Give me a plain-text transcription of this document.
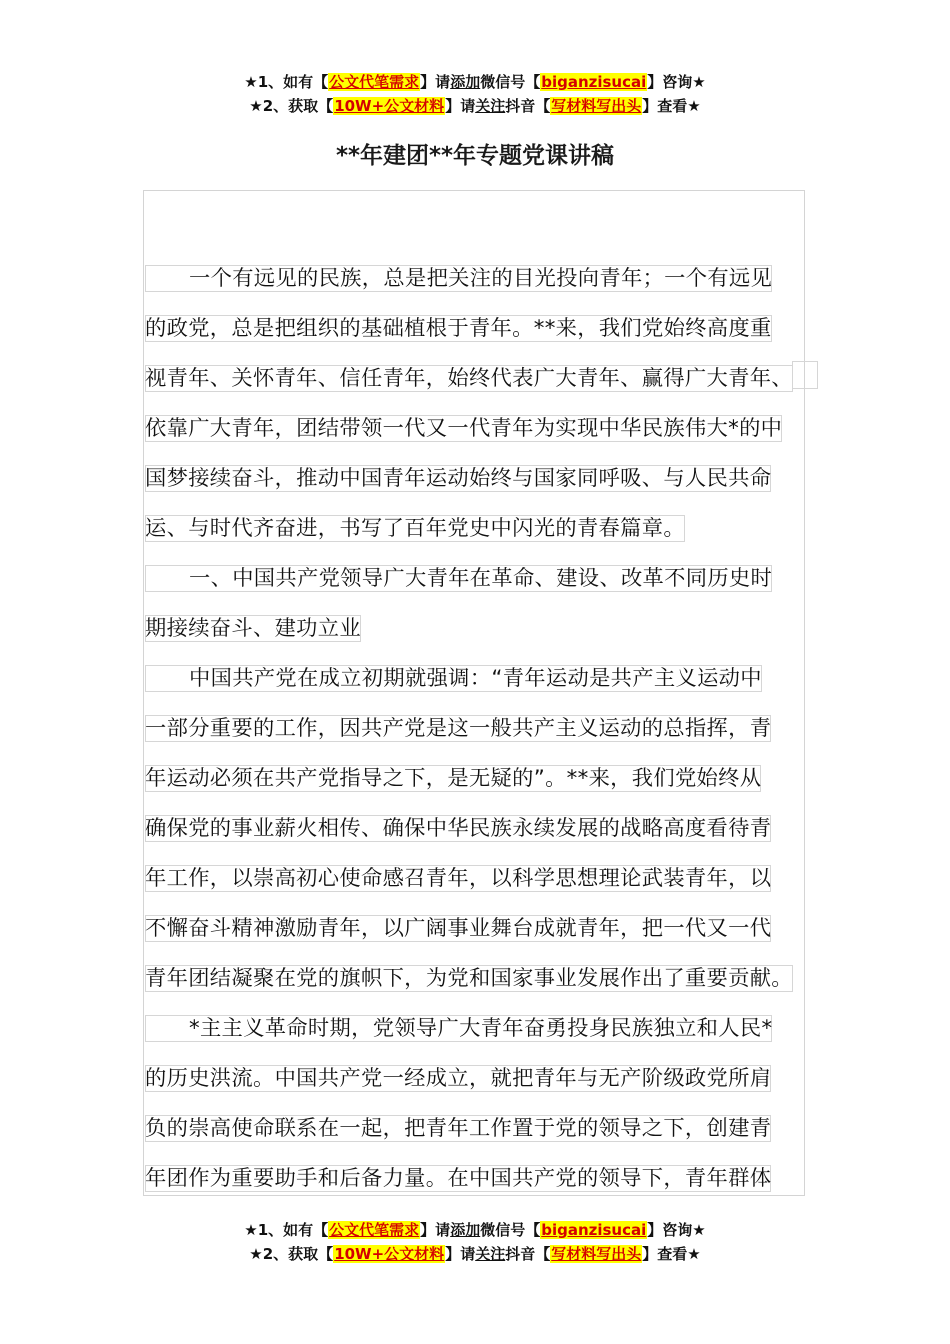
★1、如有【公文代笔需求】请添加微信号【biganzisucai】咨询★
★2、获取【10W+公文材料】请关注抖音【写材料写出头】查看★
**年建团**年专题党课讲稿
一个有远见的民族，总是把关注的目光投向青年；一个有远见
的政党，总是把组织的基础植根于青年。**来，我们党始终高度重
视青年、关怀青年、信任青年，始终代表广大青年、赢得广大青年、
依靠广大青年，团结带领一代又一代青年为实现中华民族伟大*的中
国梦接续奋斗，推动中国青年运动始终与国家同呼吸、与人民共命
运、与时代齐奋进，书写了百年党史中闪光的青春篇章。
一、中国共产党领导广大青年在革命、建设、改革不同历史时
期接续奋斗、建功立业
中国共产党在成立初期就强调：“青年运动是共产主义运动中
一部分重要的工作，因共产党是这一般共产主义运动的总指挥，青
年运动必须在共产党指导之下，是无疑的”。**来，我们党始终从
确保党的事业薪火相传、确保中华民族永续发展的战略高度看待青
年工作，以崇高初心使命感召青年，以科学思想理论武装青年，以
不懈奋斗精神激励青年，以广阔事业舞台成就青年，把一代又一代
青年团结凝聚在党的旗帜下，为党和国家事业发展作出了重要贡献。
*主主义革命时期，党领导广大青年奋勇投身民族独立和人民*
的历史洪流。中国共产党一经成立，就把青年与无产阶级政党所肩
负的崇高使命联系在一起，把青年工作置于党的领导之下，创建青
年团作为重要助手和后备力量。在中国共产党的领导下，青年群体
★1、如有【公文代笔需求】请添加微信号【biganzisucai】咨询★
★2、获取【10W+公文材料】请关注抖音【写材料写出头】查看★
